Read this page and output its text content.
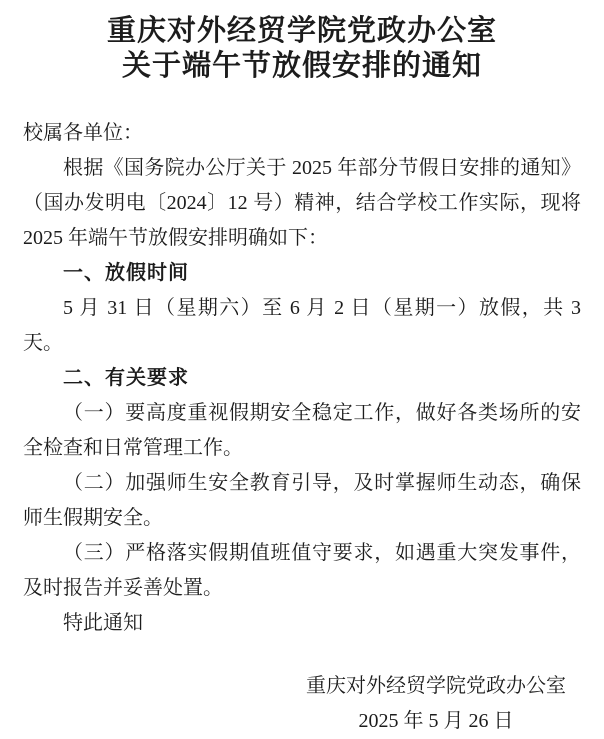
重庆对外经贸学院党政办公室
关于端午节放假安排的通知

校属各单位：

根据《国务院办公厅关于 2025 年部分节假日安排的通知》（国办发明电〔2024〕12 号）精神，结合学校工作实际，现将 2025 年端午节放假安排明确如下：

一、放假时间

5 月 31 日（星期六）至 6 月 2 日（星期一）放假，共 3 天。

二、有关要求

（一）要高度重视假期安全稳定工作，做好各类场所的安全检查和日常管理工作。

（二）加强师生安全教育引导，及时掌握师生动态，确保师生假期安全。

（三）严格落实假期值班值守要求，如遇重大突发事件，及时报告并妥善处置。

特此通知

重庆对外经贸学院党政办公室
2025 年 5 月 26 日
